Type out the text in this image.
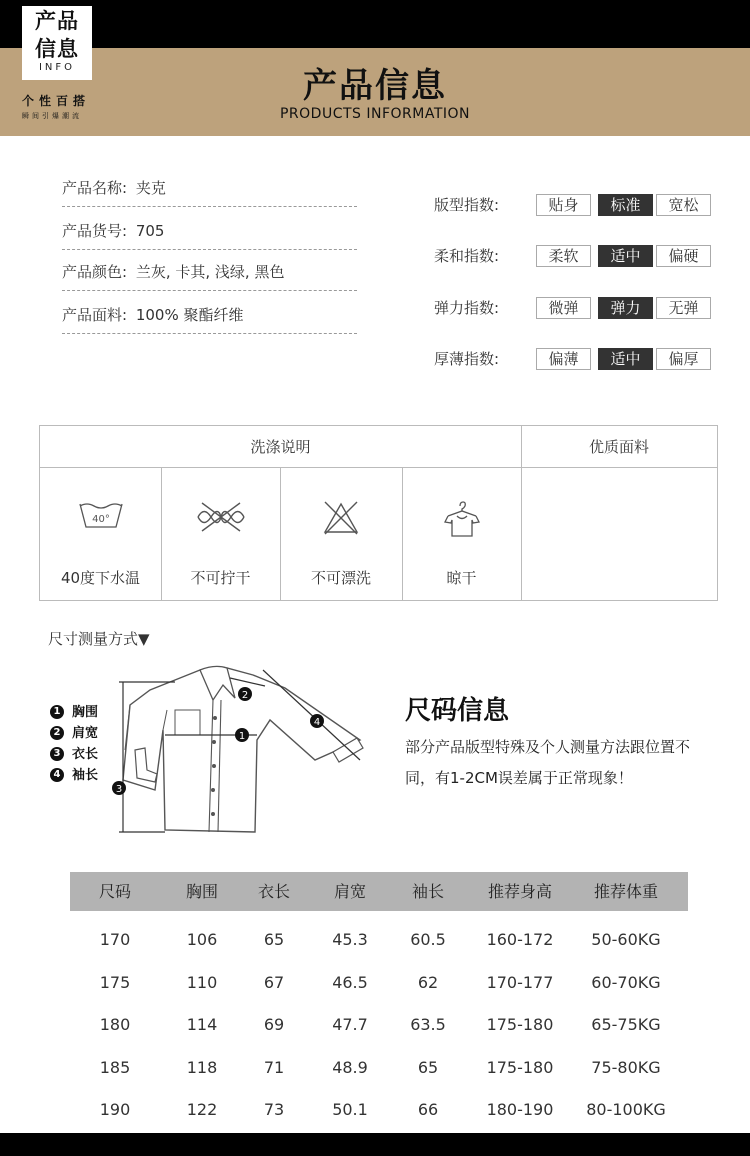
产品
信息
INFO
个性百搭
瞬间引爆潮流
产品信息
PRODUCTS INFORMATION
产品名称: 夹克
产品货号: 705
产品颜色: 兰灰, 卡其, 浅绿, 黑色
产品面料: 100% 聚酯纤维
版型指数:	贴身	标准	宽松
柔和指数:	柔软	适中	偏硬
弹力指数:	微弹	弹力	无弹
厚薄指数:	偏薄	适中	偏厚
洗涤说明	优质面料
40°
40度下水温	不可拧干	不可漂洗	晾干
尺寸测量方式▼
1
2
3
4
1 胸围
2 肩宽
3 衣长
4 袖长
尺码信息
部分产品版型特殊及个人测量方法跟位置不同，有1-2CM误差属于正常现象！
尺码	胸围	衣长	肩宽	袖长	推荐身高	推荐体重
170	106	65	45.3	60.5	160-172	50-60KG
175	110	67	46.5	62	170-177	60-70KG
180	114	69	47.7	63.5	175-180	65-75KG
185	118	71	48.9	65	175-180	75-80KG
190	122	73	50.1	66	180-190	80-100KG
